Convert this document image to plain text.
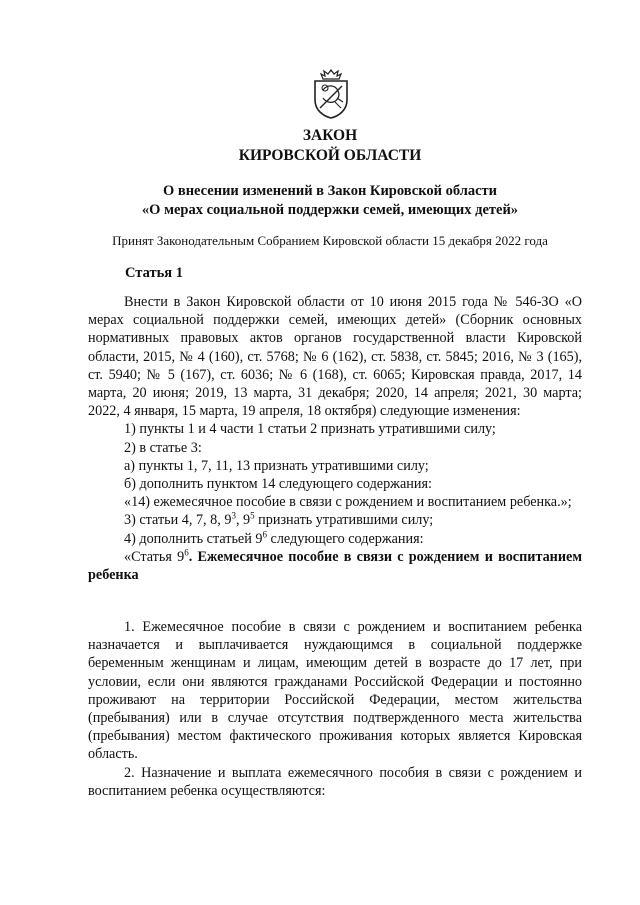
ЗАКОН
КИРОВСКОЙ ОБЛАСТИ
О внесении изменений в Закон Кировской области
«О мерах социальной поддержки семей, имеющих детей»
Принят Законодательным Собранием Кировской области 15 декабря 2022 года
Статья 1

Внести в Закон Кировской области от 10 июня 2015 года № 546-ЗО «О мерах социальной поддержки семей, имеющих детей» (Сборник основных нормативных правовых актов органов государственной власти Кировской области, 2015, № 4 (160), ст. 5768; № 6 (162), ст. 5838, ст. 5845; 2016, № 3 (165), ст. 5940; № 5 (167), ст. 6036; № 6 (168), ст. 6065; Кировская правда, 2017, 14 марта, 20 июня; 2019, 13 марта, 31 декабря; 2020, 14 апреля; 2021, 30 марта; 2022, 4 января, 15 марта, 19 апреля, 18 октября) следующие изменения:

1) пункты 1 и 4 части 1 статьи 2 признать утратившими силу;

2) в статье 3:

а) пункты 1, 7, 11, 13 признать утратившими силу;

б) дополнить пунктом 14 следующего содержания:

«14) ежемесячное пособие в связи с рождением и воспитанием ребенка.»;

3) статьи 4, 7, 8, $9^3$, $9^5$ признать утратившими силу;

4) дополнить статьей $9^6$ следующего содержания:

«Статья $9^6$. Ежемесячное пособие в связи с рождением и воспитанием ребенка

1. Ежемесячное пособие в связи с рождением и воспитанием ребенка назначается и выплачивается нуждающимся в социальной поддержке беременным женщинам и лицам, имеющим детей в возрасте до 17 лет, при условии, если они являются гражданами Российской Федерации и постоянно проживают на территории Российской Федерации, местом жительства (пребывания) или в случае отсутствия подтвержденного места жительства (пребывания) местом фактического проживания которых является Кировская область.

2. Назначение и выплата ежемесячного пособия в связи с рождением и воспитанием ребенка осуществляются:
